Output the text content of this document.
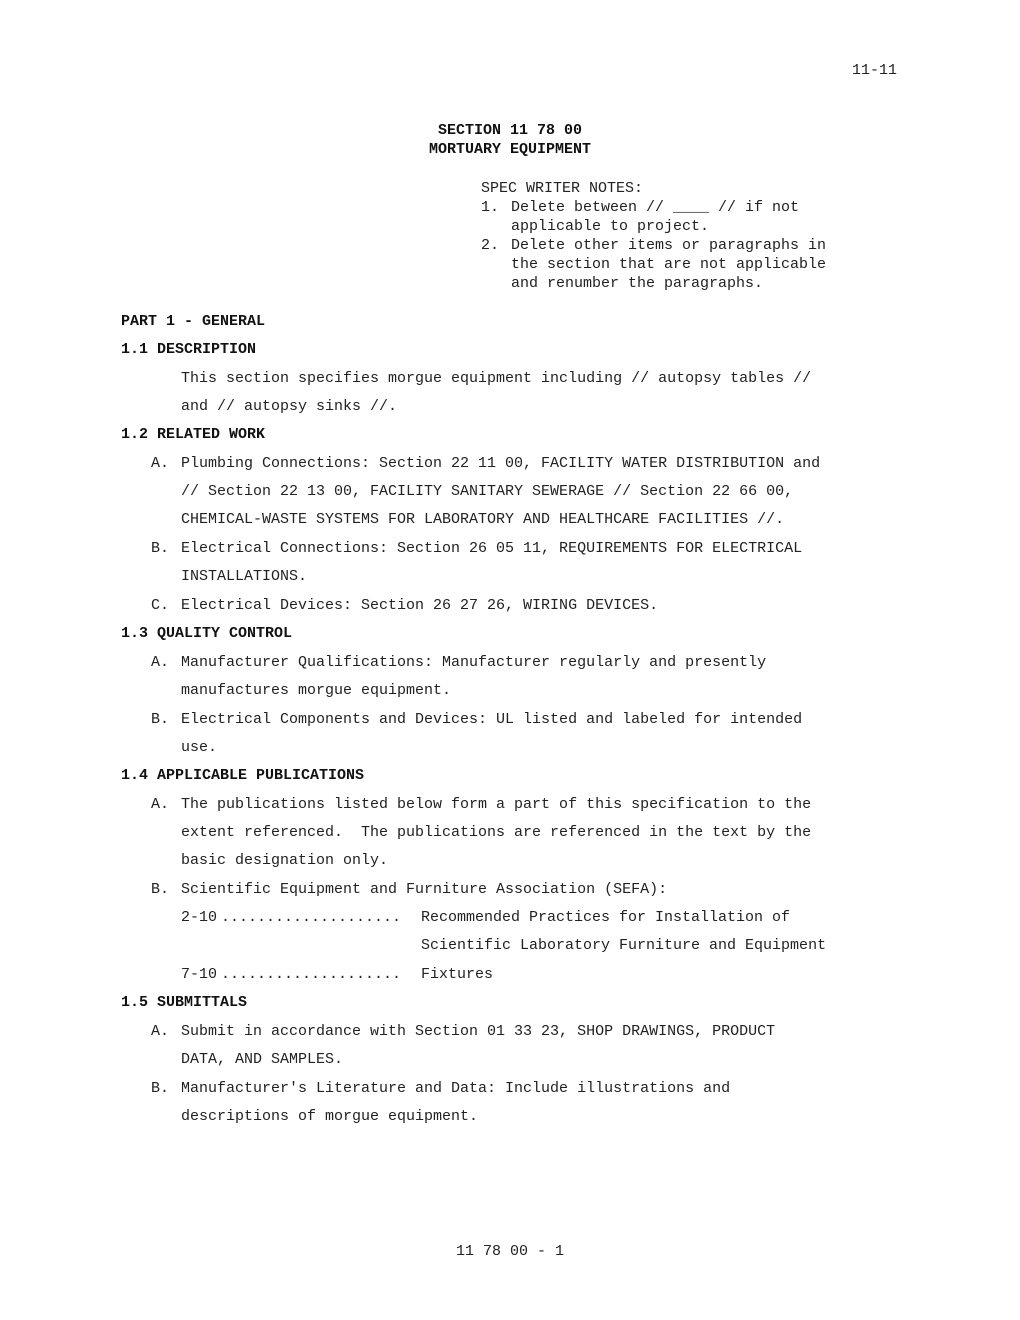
11-11
SECTION 11 78 00
MORTUARY EQUIPMENT
SPEC WRITER NOTES:
1. Delete between // ____ // if not
applicable to project.
2. Delete other items or paragraphs in
the section that are not applicable
and renumber the paragraphs.
PART 1 - GENERAL
1.1 DESCRIPTION
This section specifies morgue equipment including // autopsy tables //
and // autopsy sinks //.
1.2 RELATED WORK
A. Plumbing Connections: Section 22 11 00, FACILITY WATER DISTRIBUTION and
// Section 22 13 00, FACILITY SANITARY SEWERAGE // Section 22 66 00,
CHEMICAL-WASTE SYSTEMS FOR LABORATORY AND HEALTHCARE FACILITIES //.
B. Electrical Connections: Section 26 05 11, REQUIREMENTS FOR ELECTRICAL
INSTALLATIONS.
C. Electrical Devices: Section 26 27 26, WIRING DEVICES.
1.3 QUALITY CONTROL
A. Manufacturer Qualifications: Manufacturer regularly and presently
manufactures morgue equipment.
B. Electrical Components and Devices: UL listed and labeled for intended
use.
1.4 APPLICABLE PUBLICATIONS
A. The publications listed below form a part of this specification to the
extent referenced.  The publications are referenced in the text by the
basic designation only.
B. Scientific Equipment and Furniture Association (SEFA):
2-10 .................... Recommended Practices for Installation of
Scientific Laboratory Furniture and Equipment
7-10 .................... Fixtures
1.5 SUBMITTALS
A. Submit in accordance with Section 01 33 23, SHOP DRAWINGS, PRODUCT
DATA, AND SAMPLES.
B. Manufacturer's Literature and Data: Include illustrations and
descriptions of morgue equipment.
11 78 00 - 1
